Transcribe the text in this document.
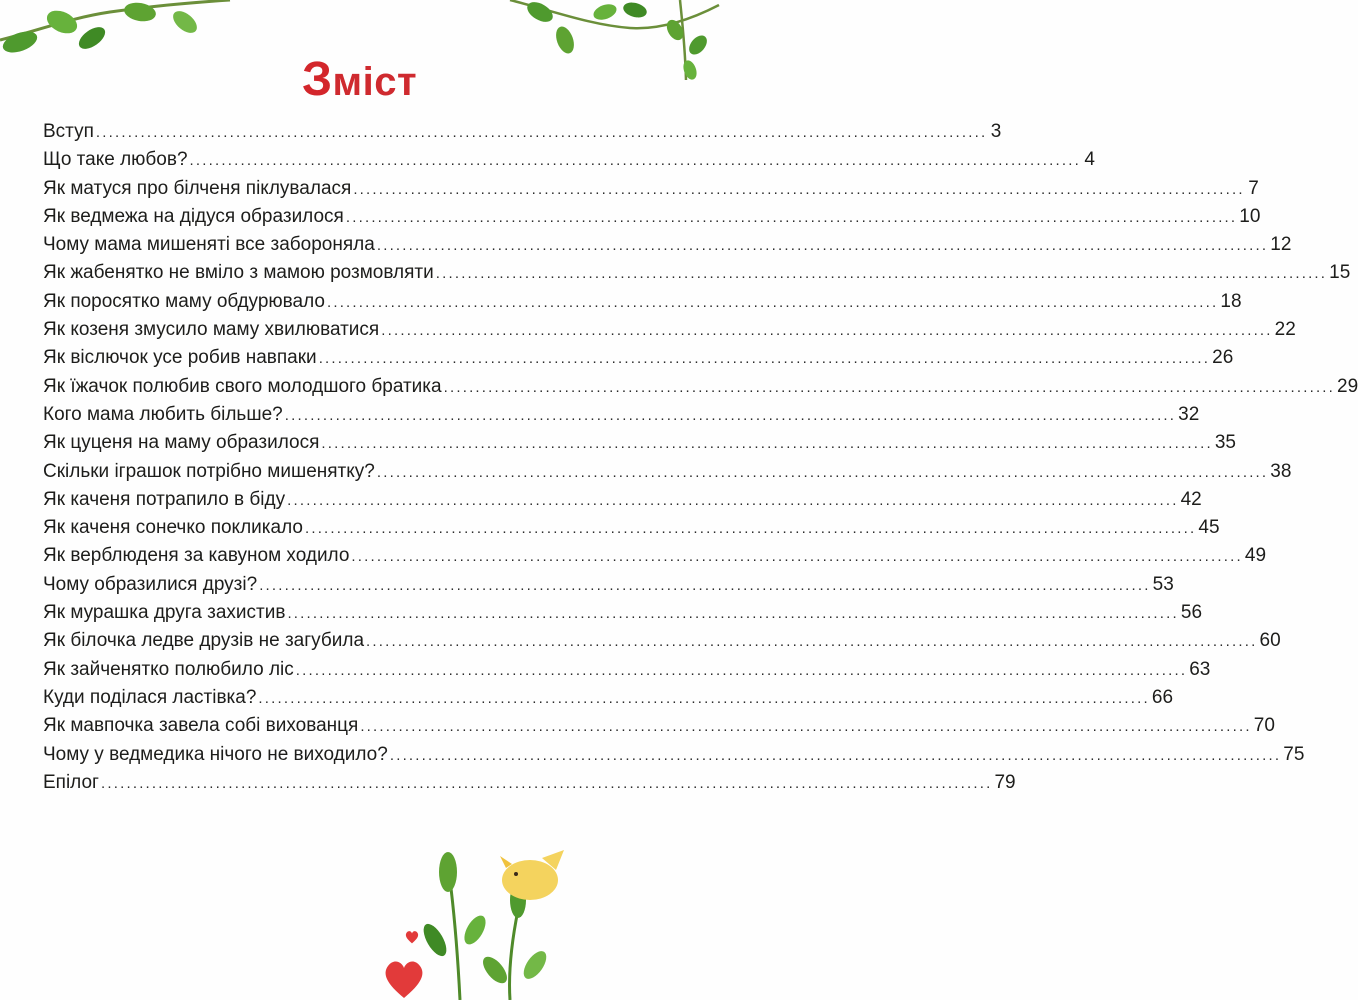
Зміст
Вступ ............................................................................................................................................ 3
Що таке любов? ............................................................................................................................................ 4
Як матуся про білченя піклувалася ............................................................................................................................................ 7
Як ведмежа на дідуся образилося ............................................................................................................................................ 10
Чому мама мишеняті все забороняла ............................................................................................................................................ 12
Як жабенятко не вміло з мамою розмовляти ............................................................................................................................................ 15
Як поросятко маму обдурювало ............................................................................................................................................ 18
Як козеня змусило маму хвилюватися ............................................................................................................................................ 22
Як віслючок усе робив навпаки ............................................................................................................................................ 26
Як їжачок полюбив свого молодшого братика ............................................................................................................................................ 29
Кого мама любить більше? ............................................................................................................................................ 32
Як цуценя на маму образилося ............................................................................................................................................ 35
Скільки іграшок потрібно мишенятку? ............................................................................................................................................ 38
Як каченя потрапило в біду ............................................................................................................................................ 42
Як каченя сонечко покликало ............................................................................................................................................ 45
Як верблюденя за кавуном ходило ............................................................................................................................................ 49
Чому образилися друзі? ............................................................................................................................................ 53
Як мурашка друга захистив ............................................................................................................................................ 56
Як білочка ледве друзів не загубила ............................................................................................................................................ 60
Як зайченятко полюбило ліс ............................................................................................................................................ 63
Куди поділася ластівка? ............................................................................................................................................ 66
Як мавпочка завела собі вихованця ............................................................................................................................................ 70
Чому у ведмедика нічого не виходило? ............................................................................................................................................ 75
Епілог ............................................................................................................................................ 79
